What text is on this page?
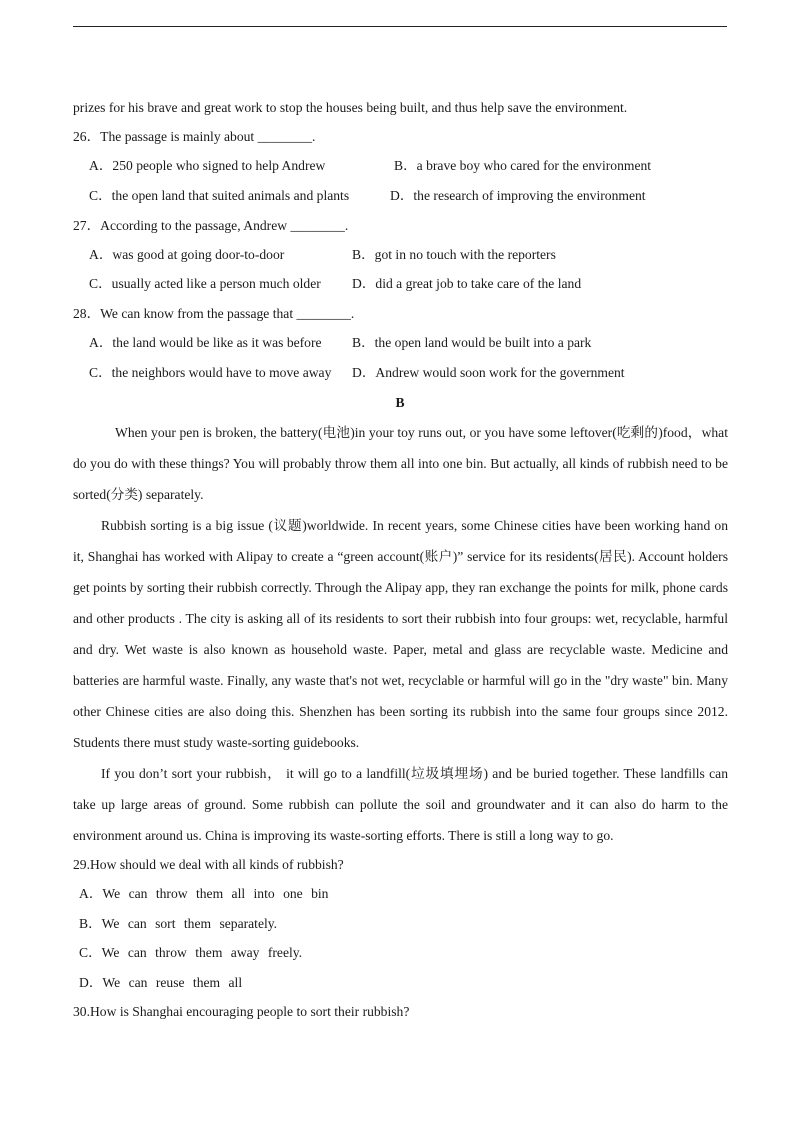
prizes for his brave and great work to stop the houses being built, and thus help save the environment.
26．The passage is mainly about ________.
A．250 people who signed to help Andrew	B．a brave boy who cared for the environment
C．the open land that suited animals and plants	D．the research of improving the environment
27．According to the passage, Andrew ________.
A．was good at going door-to-door	B．got in no touch with the reporters
C．usually acted like a person much older D．did a great job to take care of the land
28．We can know from the passage that ________.
A．the land would be like as it was before B．the open land would be built into a park
C．the neighbors would have to move away D．Andrew would soon work for the government
B

When your pen is broken, the battery(电池)in your toy runs out, or you have some leftover(吃剩的)food，what do you do with these things? You will probably throw them all into one bin. But actually, all kinds of rubbish need to be sorted(分类) separately.

Rubbish sorting is a big issue (议题)worldwide. In recent years, some Chinese cities have been working hand on it, Shanghai has worked with Alipay to create a “green account(账户)” service for its residents(居民). Account holders get points by sorting their rubbish correctly. Through the Alipay app, they ran exchange the points for milk, phone cards and other products . The city is asking all of its residents to sort their rubbish into four groups: wet, recyclable, harmful and dry. Wet waste is also known as household waste. Paper, metal and glass are recyclable waste. Medicine and batteries are harmful waste. Finally, any waste that's not wet, recyclable or harmful will go in the "dry waste" bin. Many other Chinese cities are also doing this. Shenzhen has been sorting its rubbish into the same four groups since 2012. Students there must study waste-sorting guidebooks.

If you don’t sort your rubbish， it will go to a landfill(垃圾填埋场) and be buried together. These landfills can take up large areas of ground. Some rubbish can pollute the soil and groundwater and it can also do harm to the environment around us. China is improving its waste-sorting efforts. There is still a long way to go.

29.How should we deal with all kinds of rubbish?
A．We can throw them all into one bin
B．We can sort them separately.
C．We can throw them away freely.
D．We can reuse them all
30.How is Shanghai encouraging people to sort their rubbish?
